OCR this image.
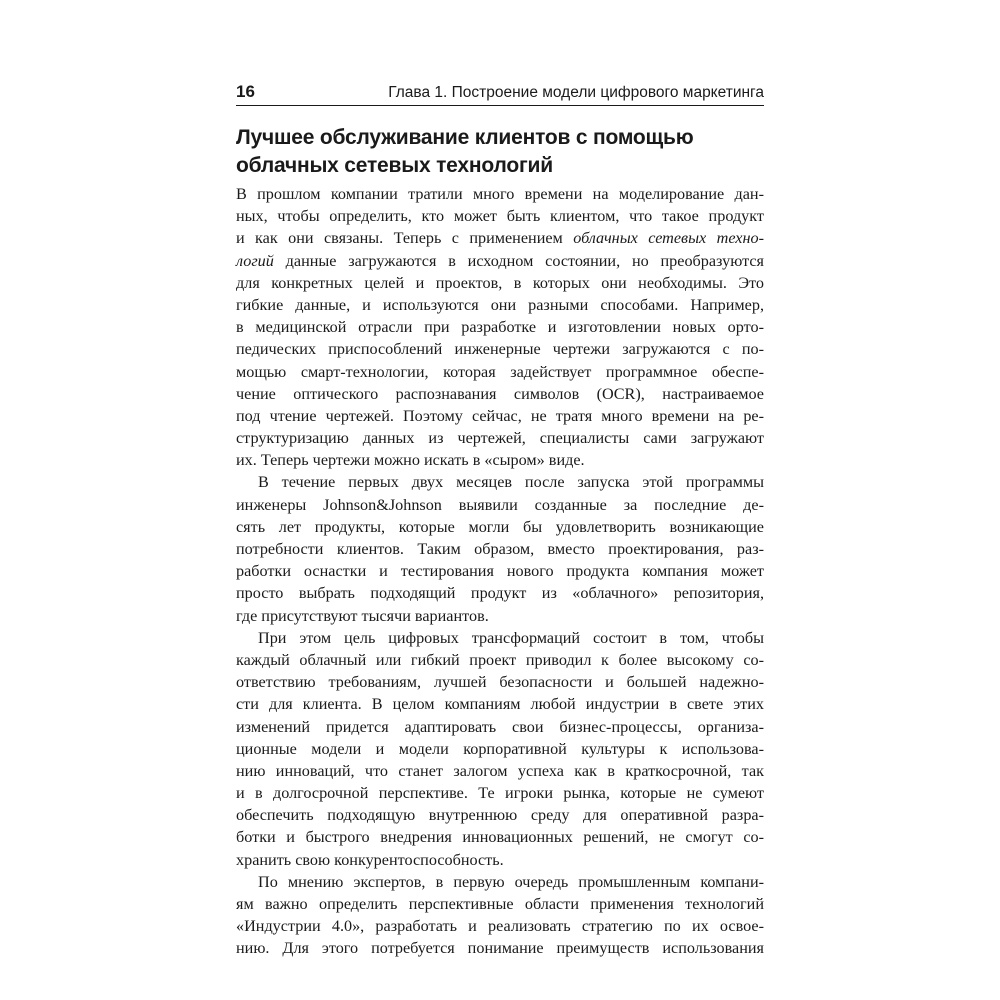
16	Глава 1. Построение модели цифрового маркетинга
Лучшее обслуживание клиентов с помощью
облачных сетевых технологий
В прошлом компании тратили много времени на моделирование дан-
ных, чтобы определить, кто может быть клиентом, что такое продукт
и как они связаны. Теперь с применением облачных сетевых техно-
логий данные загружаются в исходном состоянии, но преобразуются
для конкретных целей и проектов, в которых они необходимы. Это
гибкие данные, и используются они разными способами. Например,
в медицинской отрасли при разработке и изготовлении новых орто-
педических приспособлений инженерные чертежи загружаются с по-
мощью смарт-технологии, которая задействует программное обеспе-
чение оптического распознавания символов (OCR), настраиваемое
под чтение чертежей. Поэтому сейчас, не тратя много времени на ре-
структуризацию данных из чертежей, специалисты сами загружают
их. Теперь чертежи можно искать в «сыром» виде.
В течение первых двух месяцев после запуска этой программы
инженеры Johnson&Johnson выявили созданные за последние де-
сять лет продукты, которые могли бы удовлетворить возникающие
потребности клиентов. Таким образом, вместо проектирования, раз-
работки оснастки и тестирования нового продукта компания может
просто выбрать подходящий продукт из «облачного» репозитория,
где присутствуют тысячи вариантов.
При этом цель цифровых трансформаций состоит в том, чтобы
каждый облачный или гибкий проект приводил к более высокому со-
ответствию требованиям, лучшей безопасности и большей надежно-
сти для клиента. В целом компаниям любой индустрии в свете этих
изменений придется адаптировать свои бизнес-процессы, организа-
ционные модели и модели корпоративной культуры к использова-
нию инноваций, что станет залогом успеха как в краткосрочной, так
и в долгосрочной перспективе. Те игроки рынка, которые не сумеют
обеспечить подходящую внутреннюю среду для оперативной разра-
ботки и быстрого внедрения инновационных решений, не смогут со-
хранить свою конкурентоспособность.
По мнению экспертов, в первую очередь промышленным компани-
ям важно определить перспективные области применения технологий
«Индустрии 4.0», разработать и реализовать стратегию по их освое-
нию. Для этого потребуется понимание преимуществ использования
